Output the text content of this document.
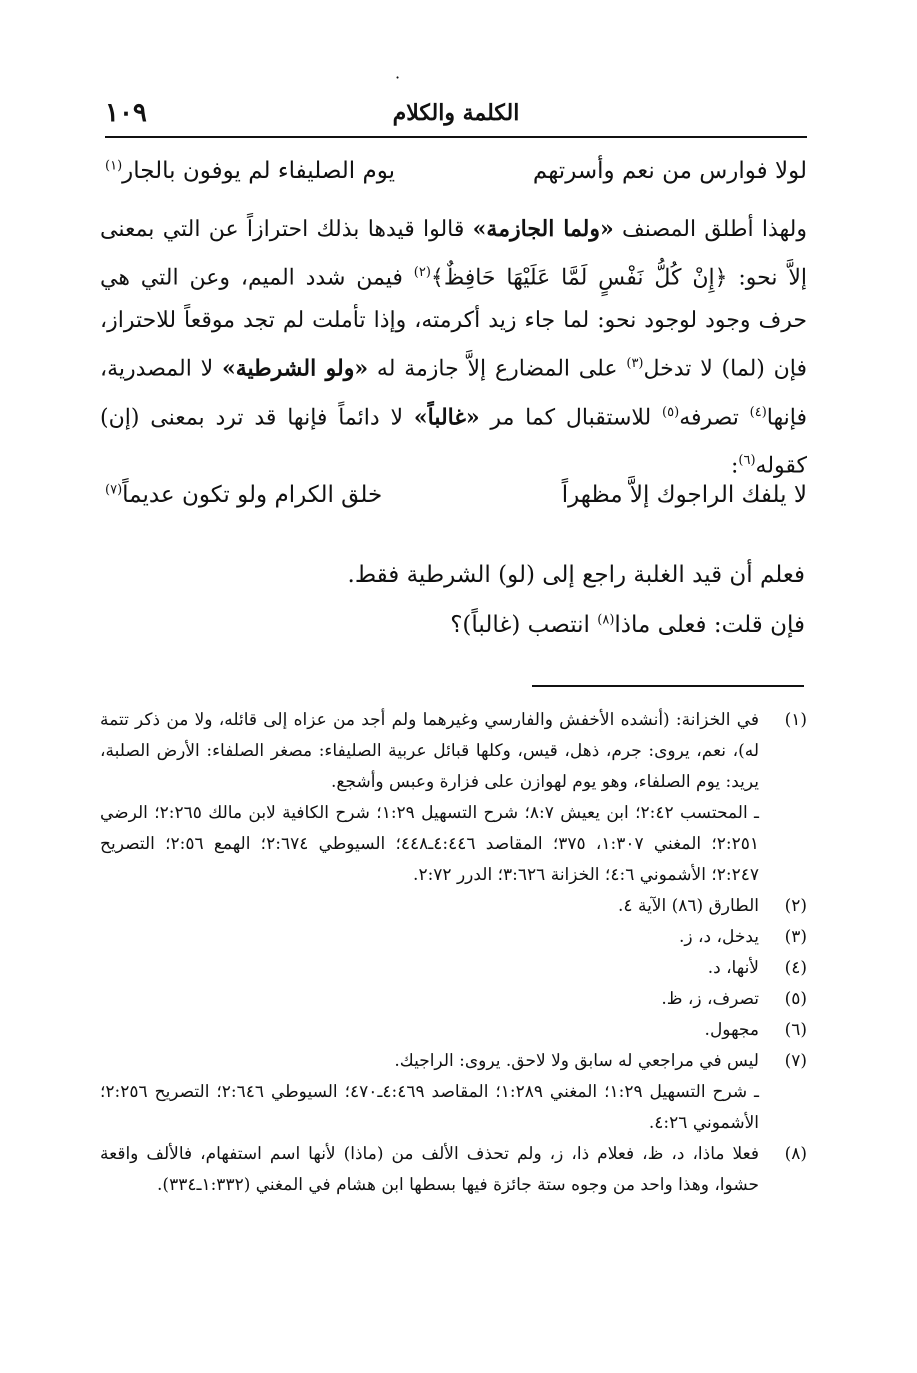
·
١٠٩	الكلمة والكلام
لولا فوارس من نعم وأسرتهم
يوم الصليفاء لم يوفون بالجار$^{(١)}$
ولهذا أطلق المصنف «ولما الجازمة» قالوا قيدها بذلك احترازاً عن التي بمعنى إلاَّ نحو: ﴿إِنْ كُلُّ نَفْسٍ لَمَّا عَلَيْهَا حَافِظٌ﴾$^{(٢)}$ فيمن شدد الميم، وعن التي هي حرف وجود لوجود نحو: لما جاء زيد أكرمته، وإذا تأملت لم تجد موقعاً للاحتراز، فإن (لما) لا تدخل$^{(٣)}$ على المضارع إلاَّ جازمة له «ولو الشرطية» لا المصدرية، فإنها$^{(٤)}$ تصرفه$^{(٥)}$ للاستقبال كما مر «غالباً» لا دائماً فإنها قد ترد بمعنى (إن) كقوله$^{(٦)}$:
لا يلفك الراجوك إلاَّ مظهراً
خلق الكرام ولو تكون عديماً$^{(٧)}$
فعلم أن قيد الغلبة راجع إلى (لو) الشرطية فقط.
فإن قلت: فعلى ماذا$^{(٨)}$ انتصب (غالباً)؟
(١)

في الخزانة: (أنشده الأخفش والفارسي وغيرهما ولم أجد من عزاه إلى قائله، ولا من ذكر تتمة له)، نعم، يروى: جرم، ذهل، قيس، وكلها قبائل عربية الصليفاء: مصغر الصلفاء: الأرض الصلبة، يريد: يوم الصلفاء، وهو يوم لهوازن على فزارة وعبس وأشجع.

ـ المحتسب ٢:٤٢؛ ابن يعيش ٨:٧؛ شرح التسهيل ١:٢٩؛ شرح الكافية لابن مالك ٢:٢٦٥؛ الرضي ٢:٢٥١؛ المغني ١:٣٠٧، ٣٧٥؛ المقاصد ٤:٤٤٦ـ٤٤٨؛ السيوطي ٢:٦٧٤؛ الهمع ٢:٥٦؛ التصريح ٢:٢٤٧؛ الأشموني ٤:٦؛ الخزانة ٣:٦٢٦؛ الدرر ٢:٧٢.

(٢)

الطارق (٨٦) الآية ٤.

(٣)

يدخل، د، ز.

(٤)

لأنها، د.

(٥)

تصرف، ز، ظ.

(٦)

مجهول.

(٧)

ليس في مراجعي له سابق ولا لاحق. يروى: الراجيك.

ـ شرح التسهيل ١:٢٩؛ المغني ١:٢٨٩؛ المقاصد ٤:٤٦٩ـ٤٧٠؛ السيوطي ٢:٦٤٦؛ التصريح ٢:٢٥٦؛ الأشموني ٤:٢٦.

(٨)

فعلا ماذا، د، ظ، فعلام ذا، ز، ولم تحذف الألف من (ماذا) لأنها اسم استفهام، فالألف واقعة حشوا، وهذا واحد من وجوه ستة جائزة فيها بسطها ابن هشام في المغني (١:٣٣٢ـ٣٣٤).
